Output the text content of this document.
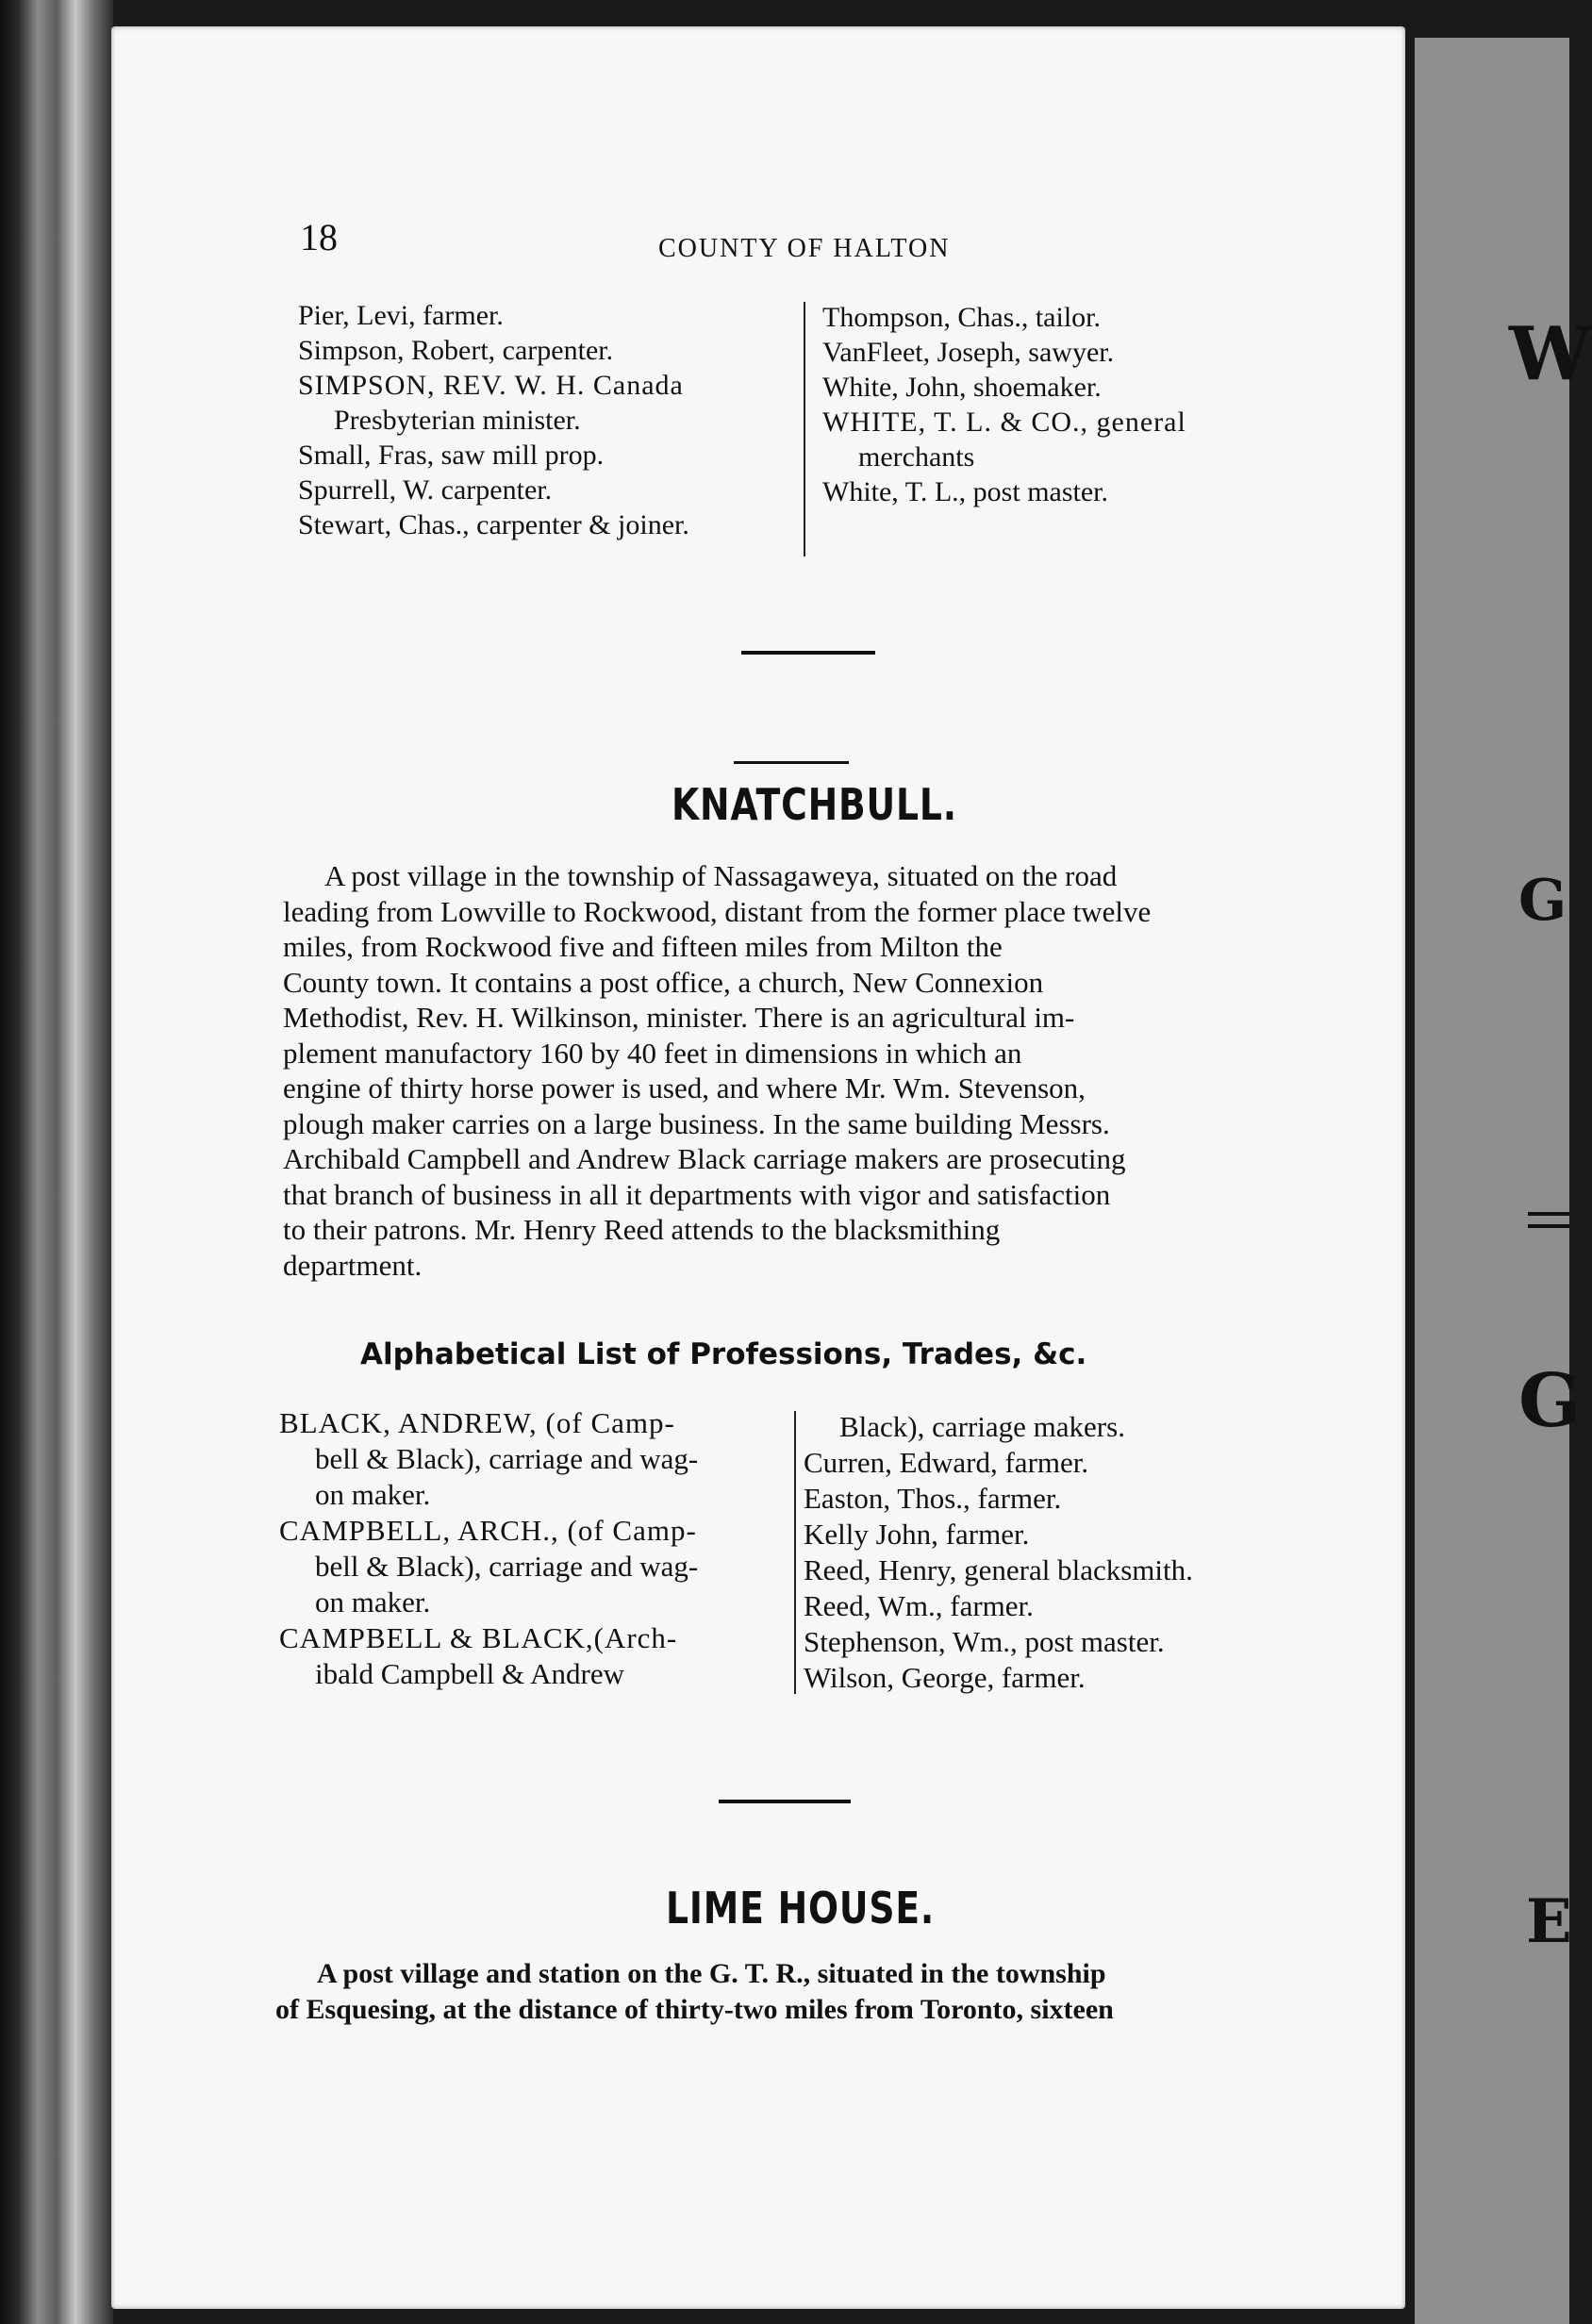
W
G
G
E
18	COUNTY OF HALTON
Pier, Levi, farmer.
Simpson, Robert, carpenter.
SIMPSON, REV. W. H. Canada
Presbyterian minister.
Small, Fras, saw mill prop.
Spurrell, W. carpenter.
Stewart, Chas., carpenter & joiner.
Thompson, Chas., tailor.
VanFleet, Joseph, sawyer.
White, John, shoemaker.
WHITE, T. L. & CO., general
merchants
White, T. L., post master.
KNATCHBULL.
A post village in the township of Nassagaweya, situated on the road
leading from Lowville to Rockwood, distant from the former place twelve
miles, from Rockwood five and fifteen miles from Milton the
County town. It contains a post office, a church, New Connexion
Methodist, Rev. H. Wilkinson, minister. There is an agricultural im-
plement manufactory 160 by 40 feet in dimensions in which an
engine of thirty horse power is used, and where Mr. Wm. Stevenson,
plough maker carries on a large business. In the same building Messrs.
Archibald Campbell and Andrew Black carriage makers are prosecuting
that branch of business in all it departments with vigor and satisfaction
to their patrons. Mr. Henry Reed attends to the blacksmithing
department.
Alphabetical List of Professions, Trades, &c.
BLACK, ANDREW, (of Camp-
bell & Black), carriage and wag-
on maker.
CAMPBELL, ARCH., (of Camp-
bell & Black), carriage and wag-
on maker.
CAMPBELL & BLACK,(Arch-
ibald Campbell & Andrew
Black), carriage makers.
Curren, Edward, farmer.
Easton, Thos., farmer.
Kelly John, farmer.
Reed, Henry, general blacksmith.
Reed, Wm., farmer.
Stephenson, Wm., post master.
Wilson, George, farmer.
LIME HOUSE.
A post village and station on the G. T. R., situated in the township
of Esquesing, at the distance of thirty-two miles from Toronto, sixteen
